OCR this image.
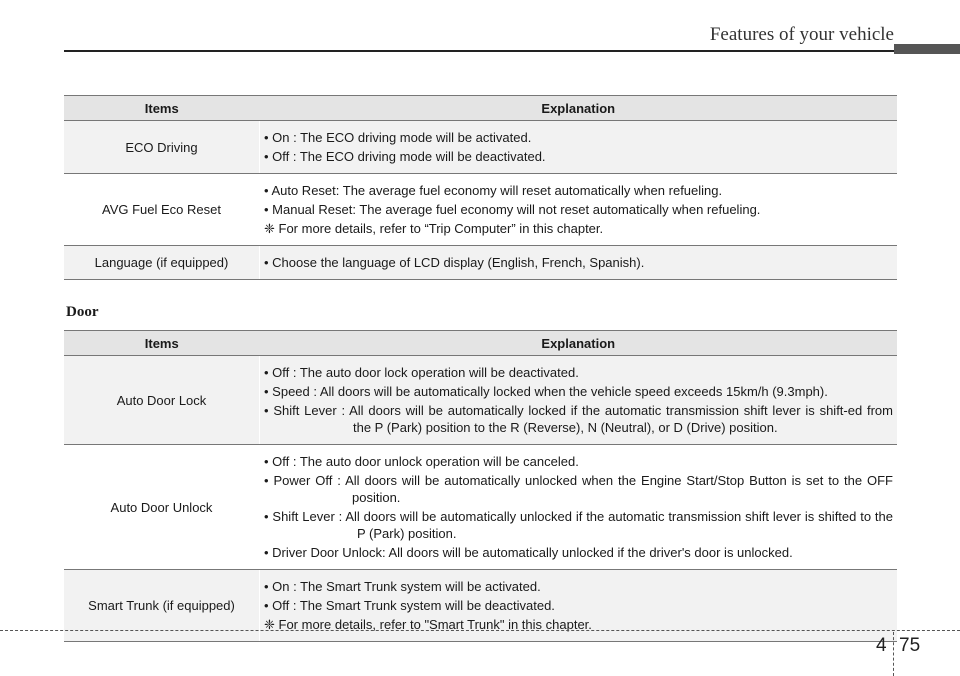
Features of your vehicle
Items	Explanation
ECO Driving	• On : The ECO driving mode will be activated.
• Off : The ECO driving mode will be deactivated.

AVG Fuel Eco Reset	• Auto Reset: The average fuel economy will reset automatically when refueling.
• Manual Reset: The average fuel economy will not reset automatically when refueling.
❈ For more details, refer to “Trip Computer” in this chapter.

Language (if equipped)	• Choose the language of LCD display (English, French, Spanish).
Door
Items	Explanation
Auto Door Lock	• Off : The auto door lock operation will be deactivated.
• Speed : All doors will be automatically locked when the vehicle speed exceeds 15km/h (9.3mph).
• Shift Lever : All doors will be automatically locked if the automatic transmission shift lever is shift-ed from the P (Park) position to the R (Reverse), N (Neutral), or D (Drive) position.

Auto Door Unlock	• Off : The auto door unlock operation will be canceled.
• Power Off : All doors will be automatically unlocked when the Engine Start/Stop Button is set to the OFF position.
• Shift Lever : All doors will be automatically unlocked if the automatic transmission shift lever is shifted to the P (Park) position.
• Driver Door Unlock: All doors will be automatically unlocked if the driver's door is unlocked.

Smart Trunk (if equipped)	• On : The Smart Trunk system will be activated.
• Off : The Smart Trunk system will be deactivated.
❈ For more details, refer to "Smart Trunk" in this chapter.
4 75
